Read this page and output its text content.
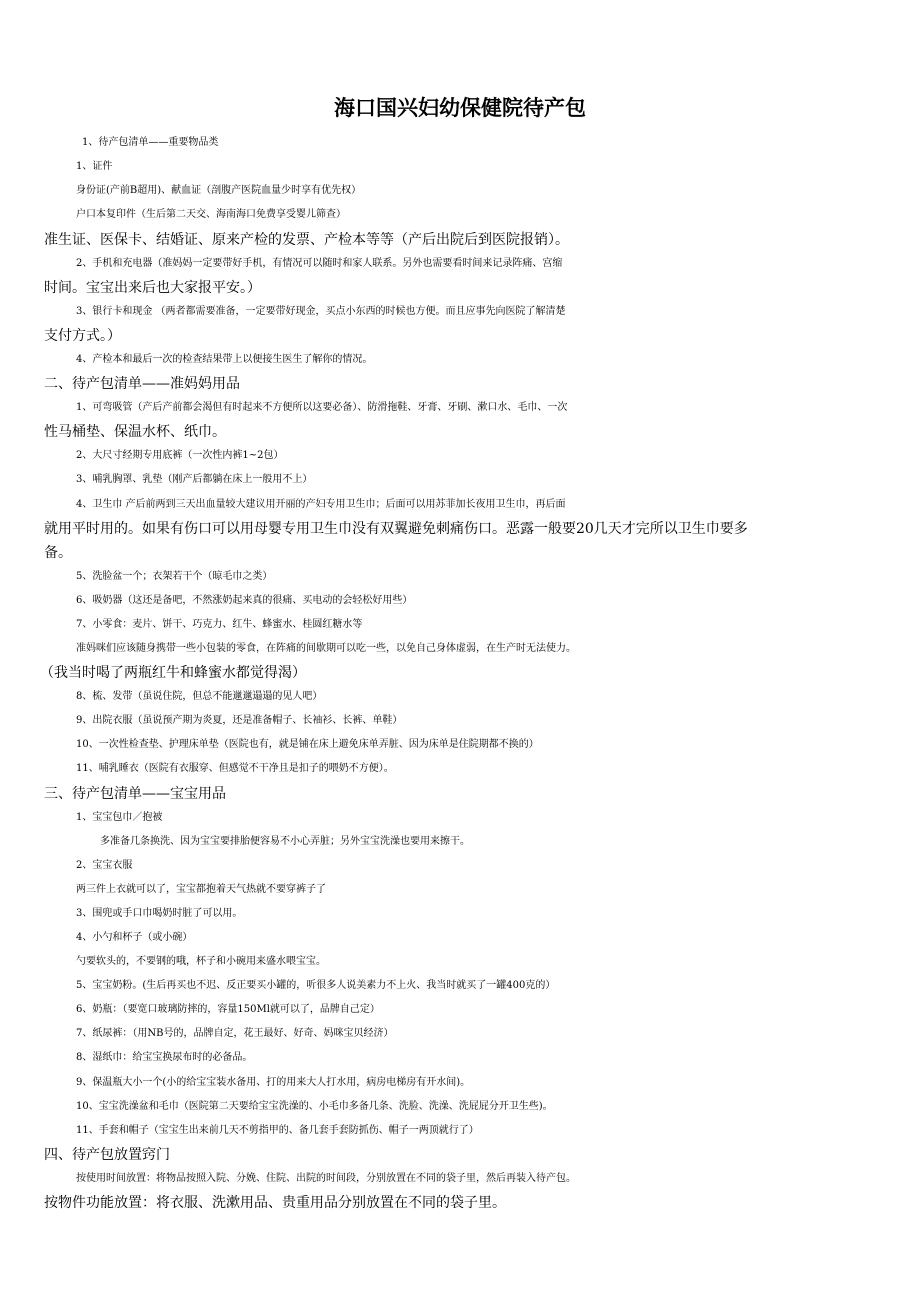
海口国兴妇幼保健院待产包
1、待产包清单——重要物品类
1、证件
身份证(产前B超用)、献血证（剖腹产医院血量少时享有优先权）
户口本复印件（生后第二天交、海南海口免费享受婴儿筛查）
准生证、医保卡、结婚证、原来产检的发票、产检本等等（产后出院后到医院报销）。
2、手机和充电器（准妈妈一定要带好手机，有情况可以随时和家人联系。另外也需要看时间来记录阵痛、宫缩
时间。宝宝出来后也大家报平安。）
3、银行卡和现金 （两者都需要准备，一定要带好现金，买点小东西的时候也方便。而且应事先向医院了解清楚
支付方式。）
4、产检本和最后一次的检查结果带上以便接生医生了解你的情况。
二、待产包清单——准妈妈用品
1、可弯吸管（产后产前都会渴但有时起来不方便所以这要必备）、防滑拖鞋、牙膏、牙刷、漱口水、毛巾、一次
性马桶垫、保温水杯、纸巾。
2、大尺寸经期专用底裤（一次性内裤1~2包）
3、哺乳胸罩、乳垫（刚产后都躺在床上一般用不上）
4、卫生巾 产后前两到三天出血量较大建议用开丽的产妇专用卫生巾；后面可以用苏菲加长夜用卫生巾，再后面
就用平时用的。如果有伤口可以用母婴专用卫生巾没有双翼避免刺痛伤口。恶露一般要20几天才完所以卫生巾要多
备。
5、洗脸盆一个；衣架若干个（晾毛巾之类）
6、吸奶器（这还是备吧，不然涨奶起来真的很痛、买电动的会轻松好用些）
7、小零食：麦片、饼干、巧克力、红牛、蜂蜜水、桂圆红糖水等
准妈咪们应该随身携带一些小包装的零食，在阵痛的间歇期可以吃一些，以免自己身体虚弱，在生产时无法使力。
（我当时喝了两瓶红牛和蜂蜜水都觉得渴）
8、梳、发带（虽说住院，但总不能邋邋遢遢的见人吧）
9、出院衣服（虽说预产期为炎夏，还是准备帽子、长袖衫、长裤、单鞋）
10、一次性检查垫、护理床单垫（医院也有，就是铺在床上避免床单弄脏、因为床单是住院期都不换的）
11、哺乳睡衣（医院有衣服穿、但感觉不干净且是扣子的喂奶不方便）。
三、待产包清单——宝宝用品
1、宝宝包巾／抱被
多准备几条换洗、因为宝宝要排胎便容易不小心弄脏；另外宝宝洗澡也要用来擦干。
2、宝宝衣服
两三件上衣就可以了，宝宝都抱着天气热就不要穿裤子了
3、围兜或手口巾喝奶时脏了可以用。
4、小勺和杯子（或小碗）
勺要软头的，不要钢的哦，杯子和小碗用来盛水喂宝宝。
5、宝宝奶粉。(生后再买也不迟、反正要买小罐的，听很多人说美素力不上火、我当时就买了一罐400克的）
6、奶瓶：（要宽口玻璃防摔的，容量150Ml就可以了，品牌自己定）
7、纸尿裤：（用NB号的，品牌自定，花王最好、好奇、妈咪宝贝经济）
8、湿纸巾：给宝宝换尿布时的必备品。
9、保温瓶大小一个(小的给宝宝装水备用、打的用来大人打水用，病房电梯房有开水间)。
10、宝宝洗澡盆和毛巾（医院第二天要给宝宝洗澡的、小毛巾多备几条、洗脸、洗澡、洗屁屁分开卫生些)。
11、手套和帽子（宝宝生出来前几天不剪指甲的、备几套手套防抓伤、帽子一两顶就行了）
四、待产包放置窍门
按使用时间放置：将物品按照入院、分娩、住院、出院的时间段，分别放置在不同的袋子里，然后再装入待产包。
按物件功能放置：将衣服、洗漱用品、贵重用品分别放置在不同的袋子里。
